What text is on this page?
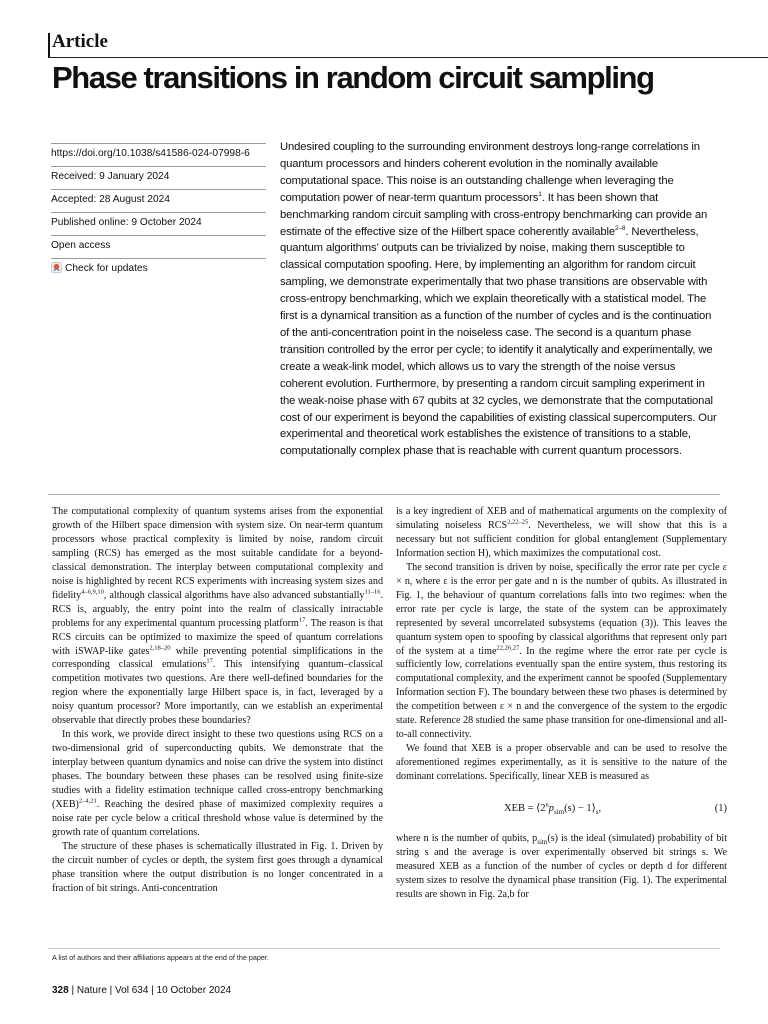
Article
Phase transitions in random circuit sampling
https://doi.org/10.1038/s41586-024-07998-6
Received: 9 January 2024
Accepted: 28 August 2024
Published online: 9 October 2024
Open access
Check for updates
Undesired coupling to the surrounding environment destroys long-range correlations in quantum processors and hinders coherent evolution in the nominally available computational space. This noise is an outstanding challenge when leveraging the computation power of near-term quantum processors$^1$. It has been shown that benchmarking random circuit sampling with cross-entropy benchmarking can provide an estimate of the effective size of the Hilbert space coherently available$^{2-8}$. Nevertheless, quantum algorithms’ outputs can be trivialized by noise, making them susceptible to classical computation spoofing. Here, by implementing an algorithm for random circuit sampling, we demonstrate experimentally that two phase transitions are observable with cross-entropy benchmarking, which we explain theoretically with a statistical model. The first is a dynamical transition as a function of the number of cycles and is the continuation of the anti-concentration point in the noiseless case. The second is a quantum phase transition controlled by the error per cycle; to identify it analytically and experimentally, we create a weak-link model, which allows us to vary the strength of the noise versus coherent evolution. Furthermore, by presenting a random circuit sampling experiment in the weak-noise phase with 67 qubits at 32 cycles, we demonstrate that the computational cost of our experiment is beyond the capabilities of existing classical supercomputers. Our experimental and theoretical work establishes the existence of transitions to a stable, computationally complex phase that is reachable with current quantum processors.

The computational complexity of quantum systems arises from the exponential growth of the Hilbert space dimension with system size. On near-term quantum processors whose practical complexity is limited by noise, random circuit sampling (RCS) has emerged as the most suitable candidate for a beyond-classical demonstration. The interplay between computational complexity and noise is highlighted by recent RCS experiments with increasing system sizes and fidelity$^{4-6,9,10}$, although classical algorithms have also advanced substantially$^{11-16}$. RCS is, arguably, the entry point into the realm of classically intractable problems for any experimental quantum processing platform$^{17}$. The reason is that RCS circuits can be optimized to maximize the speed of quantum correlations with iSWAP-like gates$^{2,18-20}$ while preventing potential simplifications in the corresponding classical emulations$^{17}$. This intensifying quantum–classical competition motivates two questions. Are there well-defined boundaries for the region where the exponentially large Hilbert space is, in fact, leveraged by a noisy quantum processor? More importantly, can we establish an experimental observable that directly probes these boundaries?

In this work, we provide direct insight to these two questions using RCS on a two-dimensional grid of superconducting qubits. We demonstrate that the interplay between quantum dynamics and noise can drive the system into distinct phases. The boundary between these phases can be resolved using finite-size studies with a fidelity estimation technique called cross-entropy benchmarking (XEB)$^{2-4,21}$. Reaching the desired phase of maximized complexity requires a noise rate per cycle below a critical threshold whose value is determined by the growth rate of quantum correlations.

The structure of these phases is schematically illustrated in Fig. 1. Driven by the circuit number of cycles or depth, the system first goes through a dynamical phase transition where the output distribution is no longer concentrated in a fraction of bit strings. Anti-concentration

is a key ingredient of XEB and of mathematical arguments on the complexity of simulating noiseless RCS$^{2,22-25}$. Nevertheless, we will show that this is a necessary but not sufficient condition for global entanglement (Supplementary Information section H), which maximizes the computational cost.

The second transition is driven by noise, specifically the error rate per cycle ε × n, where ε is the error per gate and n is the number of qubits. As illustrated in Fig. 1, the behaviour of quantum correlations falls into two regimes: when the error rate per cycle is large, the state of the system can be approximately represented by several uncorrelated subsystems (equation (3)). This leaves the quantum system open to spoofing by classical algorithms that represent only part of the system at a time$^{22,26,27}$. In the regime where the error rate per cycle is sufficiently low, correlations eventually span the entire system, thus restoring its computational complexity, and the experiment cannot be spoofed (Supplementary Information section F). The boundary between these two phases is determined by the competition between ε × n and the convergence of the system to the ergodic state. Reference 28 studied the same phase transition for one-dimensional and all-to-all connectivity.

We found that XEB is a proper observable and can be used to resolve the aforementioned regimes experimentally, as it is sensitive to the nature of the dominant correlations. Specifically, linear XEB is measured as

XEB = $⟨2^np_{sim}(s)$ − $1⟩_s$,	(1)

where n is the number of qubits, $p_{sim}(s)$ is the ideal (simulated) probability of bit string s and the average is over experimentally observed bit strings s. We measured XEB as a function of the number of cycles or depth d for different system sizes to resolve the dynamical phase transition (Fig. 1). The experimental results are shown in Fig. 2a,b for

A list of authors and their affiliations appears at the end of the paper.
328 | Nature | Vol 634 | 10 October 2024
